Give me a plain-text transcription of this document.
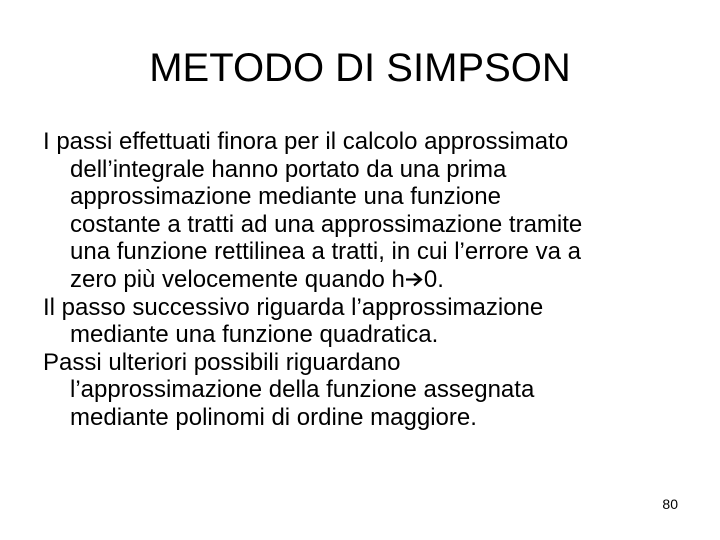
METODO DI SIMPSON
I passi effettuati finora per il calcolo approssimato
dell’integrale hanno portato da una prima
approssimazione mediante una funzione
costante a tratti ad una approssimazione tramite
una funzione rettilinea a tratti, in cui l’errore va a
zero più velocemente quando h 0.
Il passo successivo riguarda l’approssimazione
mediante una funzione quadratica.
Passi ulteriori possibili riguardano
l’approssimazione della funzione assegnata
mediante polinomi di ordine maggiore.
80
